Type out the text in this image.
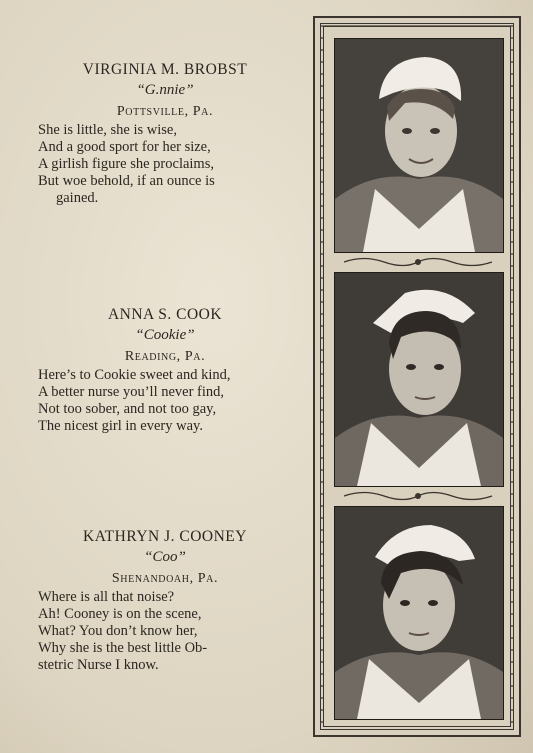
VIRGINIA M. BROBST

“G.nnie”

Pottsville, Pa.

She is little, she is wise,
And a good sport for her size,
A girlish figure she proclaims,
But woe behold, if an ounce is
gained.

ANNA S. COOK

“Cookie”

Reading, Pa.

Here’s to Cookie sweet and kind,
A better nurse you’ll never find,
Not too sober, and not too gay,
The nicest girl in every way.

KATHRYN J. COONEY

“Coo”

Shenandoah, Pa.

Where is all that noise?
Ah! Cooney is on the scene,
What? You don’t know her,
Why she is the best little Ob-
stetric Nurse I know.
